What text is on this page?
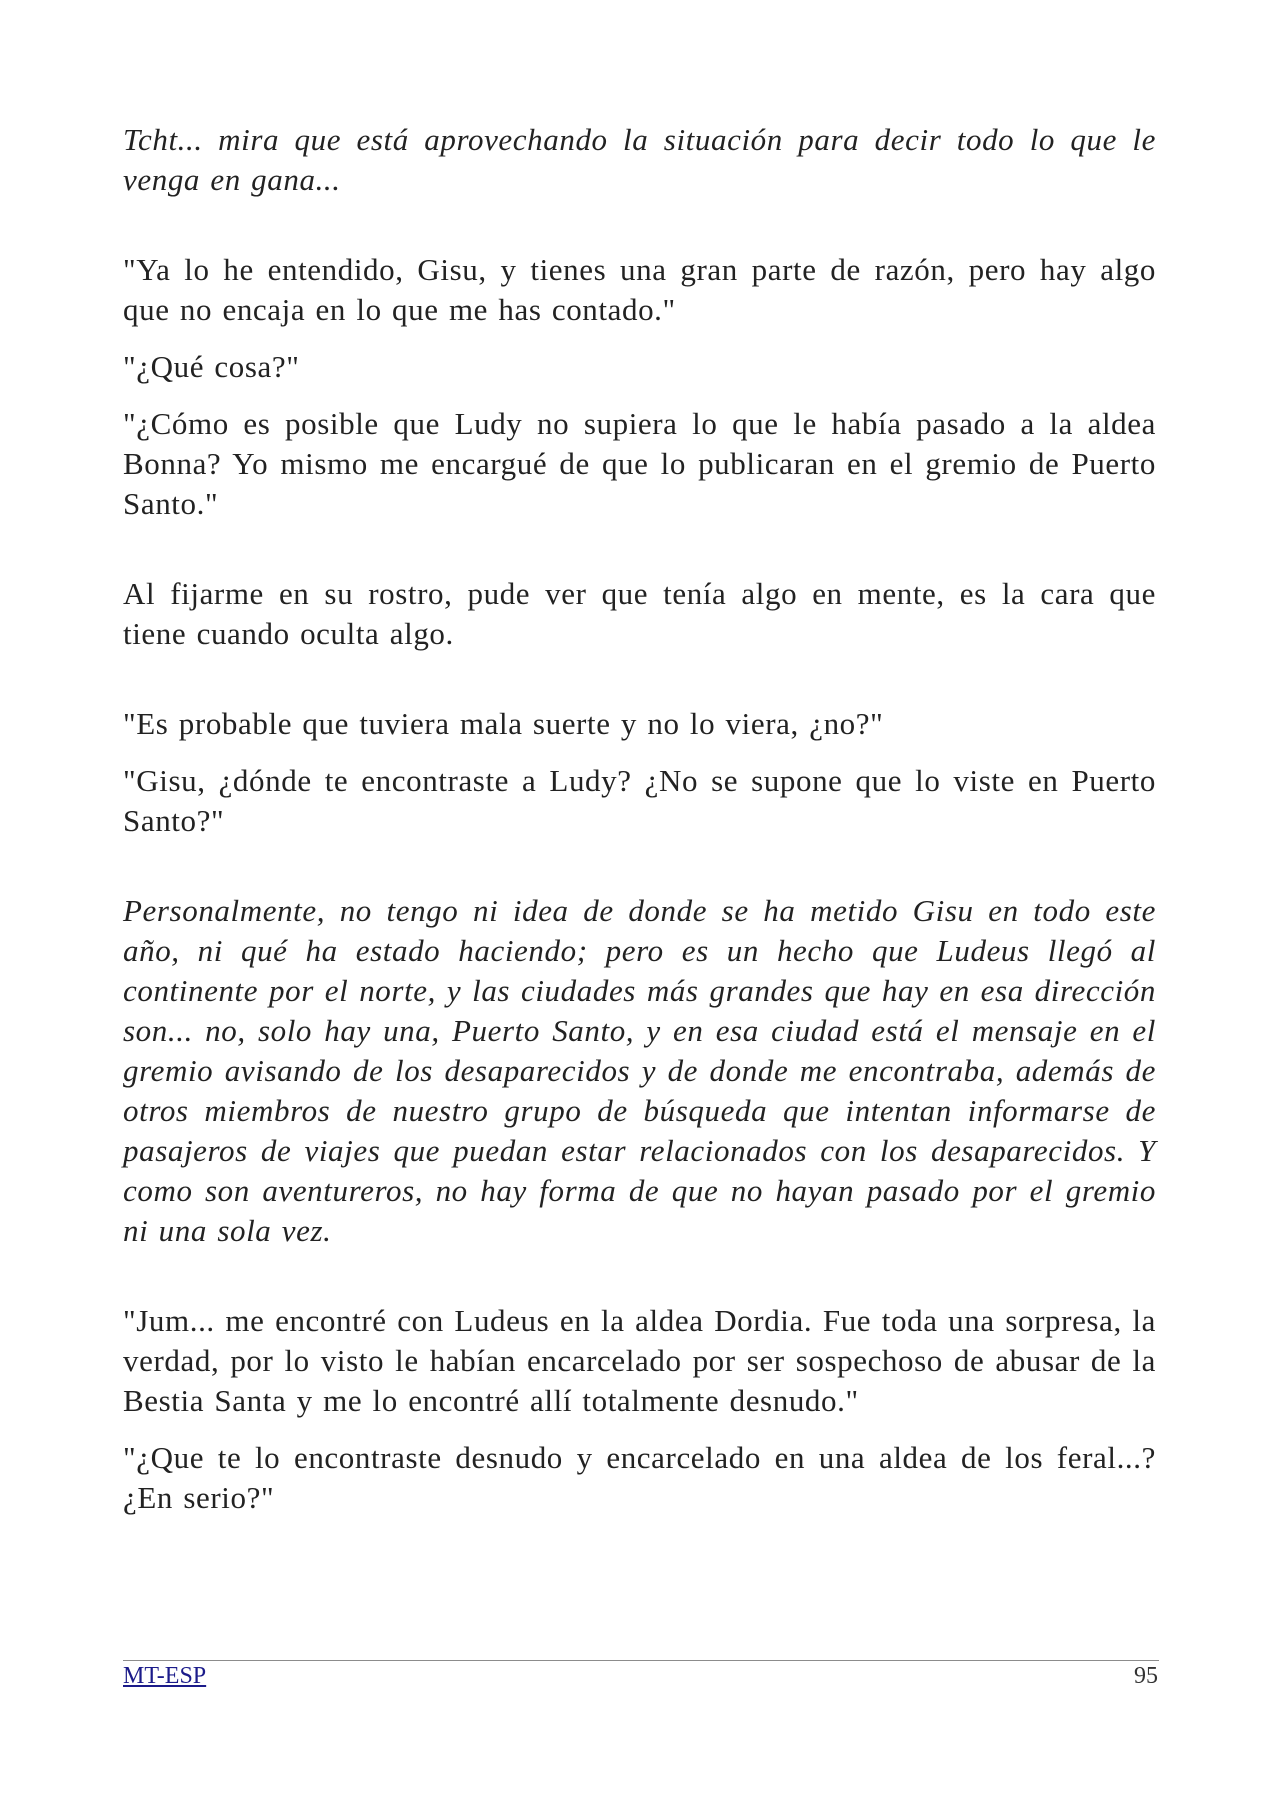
Tcht... mira que está aprovechando la situación para decir todo lo que le venga en gana...

"Ya lo he entendido, Gisu, y tienes una gran parte de razón, pero hay algo que no encaja en lo que me has contado."

"¿Qué cosa?"

"¿Cómo es posible que Ludy no supiera lo que le había pasado a la aldea Bonna? Yo mismo me encargué de que lo publicaran en el gremio de Puerto Santo."

Al fijarme en su rostro, pude ver que tenía algo en mente, es la cara que tiene cuando oculta algo.

"Es probable que tuviera mala suerte y no lo viera, ¿no?"

"Gisu, ¿dónde te encontraste a Ludy? ¿No se supone que lo viste en Puerto Santo?"

Personalmente, no tengo ni idea de donde se ha metido Gisu en todo este año, ni qué ha estado haciendo; pero es un hecho que Ludeus llegó al continente por el norte, y las ciudades más grandes que hay en esa dirección son... no, solo hay una, Puerto Santo, y en esa ciudad está el mensaje en el gremio avisando de los desaparecidos y de donde me encontraba, además de otros miembros de nuestro grupo de búsqueda que intentan informarse de pasajeros de viajes que puedan estar relacionados con los desaparecidos. Y como son aventureros, no hay forma de que no hayan pasado por el gremio ni una sola vez.

"Jum... me encontré con Ludeus en la aldea Dordia. Fue toda una sorpresa, la verdad, por lo visto le habían encarcelado por ser sospechoso de abusar de la Bestia Santa y me lo encontré allí totalmente desnudo."

"¿Que te lo encontraste desnudo y encarcelado en una aldea de los feral...? ¿En serio?"

MT-ESP	95
